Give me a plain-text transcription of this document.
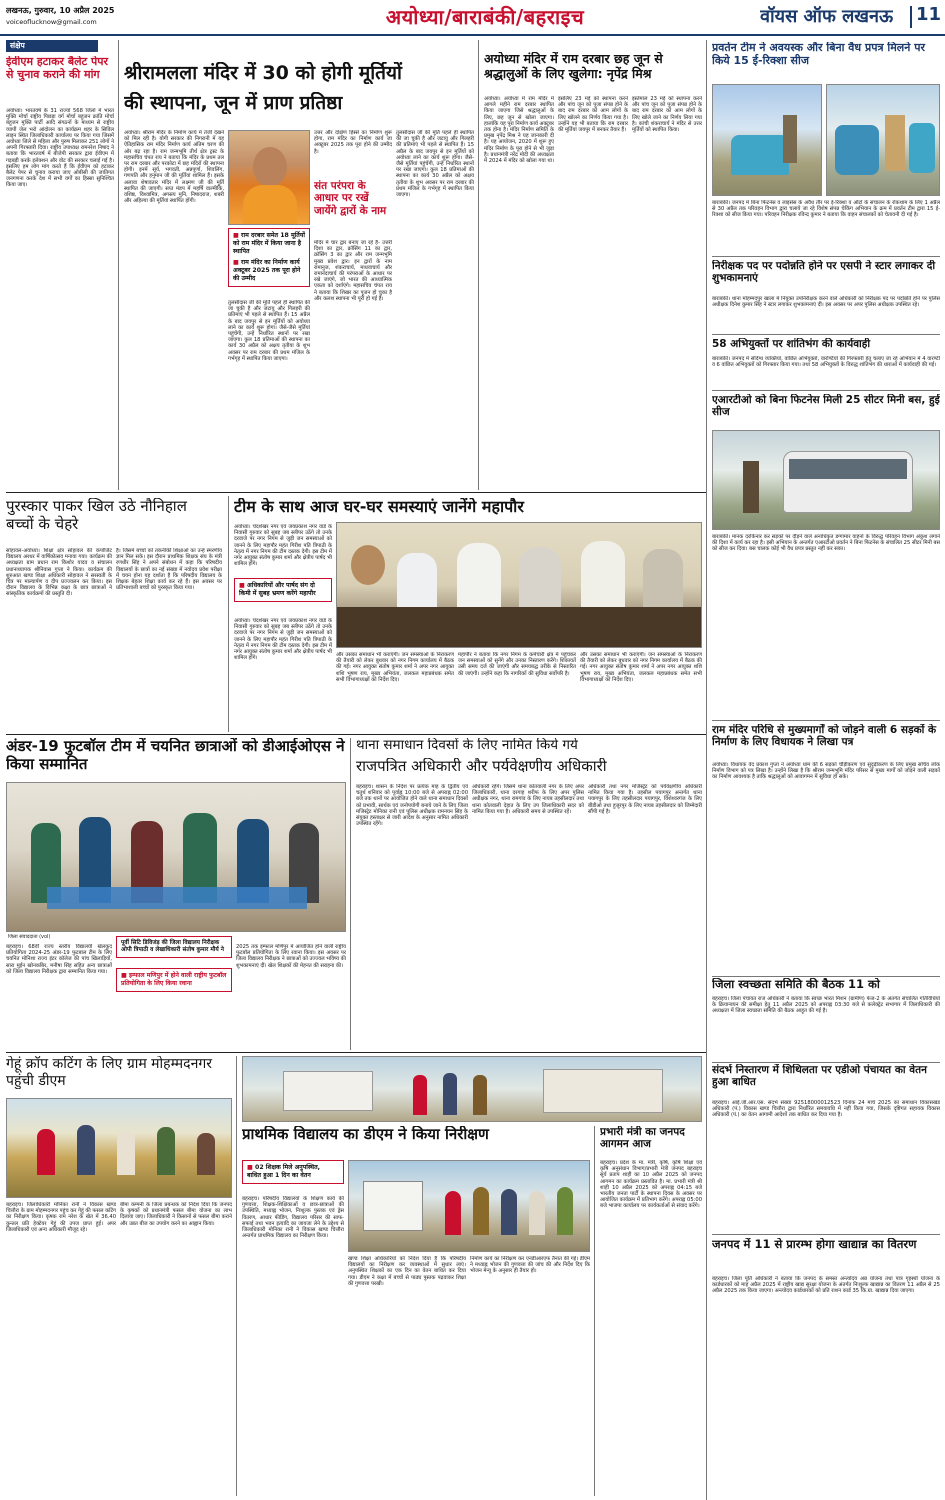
लखनऊ, गुरुवार, 10 अप्रैल 2025
voiceoflucknow@gmail.com	अयोध्या/बाराबंकी/बहराइच	वॉयस ऑफ लखनऊ 11
संक्षेप
ईवीएम हटाकर बैलेट पेपर से चुनाव कराने की मांग
अयोध्या। भारतवर्ष के 31 राज्यों 568 जिलों में भारत मुक्ति मोर्चा राष्ट्रीय पिछड़ा वर्ग मोर्चा बहुजन क्रांति मोर्चा बहुजन मुक्ति पार्टी आदि संगठनों के माध्यम से राष्ट्रीय व्यापी जेल भरो आंदोलन का कार्यक्रम शहर के सिविल लाइन स्थित जिलाधिकारी कार्यालय पर किया गया जिसमें अयोध्या जिले से महिला और पुरुष मिलाकर 251 लोगों ने अपनी गिरफ्तारी दिया। राष्ट्रीय उपाध्यक्ष रामनरेश निषाद ने बताया कि भारतवर्ष में बीजेपी सरकार द्वारा ईवीएम में गड़बड़ी करके इलेक्शन और वोट की सरकार चलाई गई है। इसलिए हम लोग मांग करते हैं कि ईवीएम को हटाकर बैलेट पेपर से चुनाव कराया जाए ओबीसी की जातिगत जनगणना करके देश में सभी वर्गों का हिस्सा सुनिश्चित किया जाए।
श्रीरामलला मंदिर में 30 को होगी मूर्तियों
की स्थापना, जून में प्राण प्रतिष्ठा
अयोध्या। श्रीराम मंदिर के निर्माण कार्य में तेजी देखने को मिल रही है। योगी सरकार की निगरानी में यह ऐतिहासिक राम मंदिर निर्माण कार्य अंतिम चरण की ओर बढ़ रहा है। राम जन्मभूमि तीर्थ क्षेत्र ट्रस्ट के महासचिव चंपत राय ने बताया कि मंदिर के प्रथम तल पर राम दरबार और परकोटा में छह मंदिरों की स्थापना होगी। इनमें सूर्य, भगवती, अन्नपूर्णा, शिवलिंग, गणपति और हनुमान जी की मूर्तियां शामिल हैं। इसके अलावा शेषावतार मंदिर में लक्ष्मण जी की मूर्ति स्थापित की जाएगी। सप्त मंडप में महर्षि वाल्मीकि, वशिष्ठ, विश्वामित्र, अगस्त्य मुनि, निषादराज, शबरी और अहिल्या की मूर्तियां स्थापित होंगी।
■ राम दरबार समेत 18 मूर्तियों को राम मंदिर में किया जाना है स्थापित
■ राम मंदिर का निर्माण कार्य अक्टूबर 2025 तक पूरा होने की उम्मीद
तुलसीदास जी की मूर्ति पहले ही स्थापित की जा चुकी है और जटायु और गिलहरी की प्रतिमाएं भी पहले से स्थापित हैं। 15 अप्रैल के बाद जयपुर से इन मूर्तियों को अयोध्या लाने का कार्य शुरू होगा। जैसे-जैसे मूर्तियां पहुंचेंगी, उन्हें निर्धारित स्थानों पर रखा जाएगा। कुल 18 प्रतिमाओं की स्थापना का कार्य 30 अप्रैल को अक्षय तृतीया के शुभ अवसर पर राम दरबार की प्रथम मंजिल के गर्भगृह में स्थापित किया जाएगा।
उत्तर और दक्षिण हिस्से का निर्माण शुरू होगा, राम मंदिर का निर्माण कार्य जा अक्टूबर 2025 तक पूरा होने की उम्मीद है।
संत परंपरा के आधार पर रखें जायेंगे द्वारों के नाम
मंदिर में चार द्वार बनाए जा रहे हैं- उत्तरी दिशा का द्वार, क्रॉसिंग 11 का द्वार, क्रॉसिंग 3 का द्वार और राम जन्मभूमि मुख्य प्रवेश द्वार। इन द्वारों के नाम रामानुज, शंकराचार्य, माधवाचार्य और रामानंदाचार्य की परंपराओं के आधार पर रखे जाएंगे, जो भारत की आध्यात्मिक एकता को दर्शाएंगे। महासचिव चंपत राय ने बताया कि शिखर का पूजन हो चुका है और कलश स्थापना भी पूरी हो गई है।
तुलसीदास जी की मूर्ति पहले ही स्थापित की जा चुकी है और जटायु और गिलहरी की प्रतिमाएं भी पहले से स्थापित हैं। 15 अप्रैल के बाद जयपुर से इन मूर्तियों को अयोध्या लाने का कार्य शुरू होगा। जैसे-जैसे मूर्तियां पहुंचेंगी, उन्हें निर्धारित स्थानों पर रखा जाएगा। कुल 18 प्रतिमाओं की स्थापना का कार्य 30 अप्रैल को अक्षय तृतीया के शुभ अवसर पर राम दरबार की प्रथम मंजिल के गर्भगृह में स्थापित किया जाएगा।
अयोध्या मंदिर में राम दरबार छह जून से श्रद्धालुओं के लिए खुलेगा: नृपेंद्र मिश्र
अयोध्या। अयोध्या में राम मंदिर में आगले महीने राम दरबार स्थापित किया जाएगा जिसे श्रद्धालुओं के लिए, छह जून से खोला जाएगा। हालांकि यह पूरा निर्माण कार्य अक्टूबर तक होना है। मंदिर निर्माण समिति के प्रमुख नृपेंद्र मिश्र ने यह जानकारी दी है। यह आयोजन, 2020 में शुरू हुए मंदिर निर्माण के पूरा होने से भी जुड़ा है। प्रधानमंत्री नरेंद्र मोदी की अध्यक्षता में 2024 में मंदिर को खोला गया था।
इसलिए 23 मई को स्थापना करने और पांच जून को पूजा संपन्न होने के बाद राम दरबार को आम लोगों के लिए खोलने का निर्णय किया गया है। उन्होंने यह भी बताया कि राम दरबार की मूर्तियां जयपुर में बनकर तैयार हैं।
इस्तेमाल 23 मई को स्थापना करने और पांच जून को पूजा संपन्न होने के बाद राम दरबार को आम लोगों के लिए खोले जाने का निर्णय लिया गया है। कांची शंकराचार्य ने मंदिर से उत्तर मूर्तियों को स्थापित किया।
प्रवर्तन टीम ने अवयस्क और बिना वैध प्रपत्र मिलने पर किये 15 ई-रिक्शा सीज
बाराबंकी। जनपद में बिना फिटनेस व लाइसेंस के अवैध तौर पर ई-रिक्शा व ऑटो के संचालन के रोकथाम के लिए 1 अप्रैल से 30 अप्रैल तक परिवहन विभाग द्वारा चलाये जा रहे विशेष संपन्न चेकिंग अभियान के क्रम में प्रवर्तन टीम द्वारा 15 ई-रिक्शा को सीज किया गया। परिवहन निरीक्षक रविन्द्र कुमार ने बताया कि वाहन संचालकों को चेतावनी दी गई है।
निरीक्षक पद पर पदोन्नति होने पर एसपी ने स्टार लगाकर दी शुभकामनाएं
बाराबंकी। थाना मोहम्मदपुर खाला में नियुक्त उपनिरीक्षक करने वाले अधिकारी को निरीक्षक पद पर पदोन्नति होने पर पुलिस अधीक्षक दिनेश कुमार सिंह ने स्टार लगाकर शुभकामनाएं दीं। इस अवसर पर अपर पुलिस अधीक्षक उपस्थित रहे।
58 अभियुक्तों पर शांतिभंग की कार्यवाही
बाराबंकी। जनपद में संदिग्ध व्यक्तियों, वांछित अभियुक्तों, वारण्टियों की गिरफ्तारी हेतु चलाए जा रहे अभियान में 4 वारण्टी व 6 वांछित अभियुक्तों को गिरफ्तार किया गया। तथा 58 अभियुक्तों के विरुद्ध शांतिभंग की धाराओं में कार्यवाही की गई।
एआरटीओ को बिना फिटनेस मिली 25 सीटर मिनी बस, हुई सीज
बाराबंकी। मानक दरकिनार कर सड़कों पर दौड़ने वाले अनाधिकृत डग्गामार वाहनों के विरुद्ध परिवहन विभाग अंकुश लगाने की दिशा में कार्य कर रहा है। इसी अभियान के अन्तर्गत एआरटीओ प्रवर्तन ने बिना फिटनेस के संचालित 25 सीटर मिनी बस को सीज कर दिया। बस चालक कोई भी वैध प्रपत्र प्रस्तुत नहीं कर सका।
राम मंदिर परिधि से मुख्यमार्गों को जोड़ने वाली 6 सड़कों के निर्माण के लिए विधायक ने लिखा पत्र
अयोध्या। विधायक वेद प्रकाश गुप्ता ने अयोध्या धाम की 6 सड़कों चौड़ीकरण एवं सुदृढ़ीकरण के लिए प्रमुख सचिव लोक निर्माण विभाग को पत्र लिखा है। उन्होंने लिखा है कि श्रीराम जन्मभूमि मंदिर परिसर से मुख्य मार्गों को जोड़ने वाली सड़कों का निर्माण आवश्यक है ताकि श्रद्धालुओं को आवागमन में सुविधा हो सके।
जिला स्वच्छता समिति की बैठक 11 को
बहराइच। जिला पंचायत राज अधिकारी ने बताया कि स्वच्छ भारत मिशन (ग्रामीण) फेज-2 के अंतर्गत संचालित गतिविधियों के क्रियान्वयन की समीक्षा हेतु 11 अप्रैल 2025 को अपराह्न 03:30 बजे से कलेक्ट्रेट सभागार में जिलाधिकारी की अध्यक्षता में जिला स्वच्छता समिति की बैठक आहूत की गई है।
संदर्भ निस्तारण में शिथिलता पर एडीओ पंचायत का वेतन हुआ बाधित
बहराइच। आई.जी.आर.एस. संदर्भ संख्या 92518000012523 दिनांक 24 मार्च 2025 का समाधान विकासखंड अधिकारी (पं.) विकास खण्ड चित्तौरा द्वारा निर्धारित समयावधि में नहीं किया गया, जिसके दृष्टिगत सहायक विकास अधिकारी (पं.) का वेतन आगामी आदेशों तक बाधित कर दिया गया है।
जनपद में 11 से प्रारम्भ होगा खाद्यान्न का वितरण
बहराइच। जिला पूर्ति अधिकारी ने बताया कि जनपद के समस्त अन्त्योदय अन्न योजना तथा पात्र गृहस्थी योजना के कार्डधारकों को माह अप्रैल 2025 में राष्ट्रीय खाद्य सुरक्षा योजना के अंतर्गत निःशुल्क खाद्यान्न का वितरण 11 अप्रैल से 25 अप्रैल 2025 तक किया जाएगा। अन्त्योदय कार्डधारकों को प्रति राशन कार्ड 35 कि.ग्रा. खाद्यान्न दिया जाएगा।
पुरस्कार पाकर खिल उठे नौनिहाल बच्चों के चेहरे
सोहावल-अयोध्या। शिक्षा क्षेत्र सोहावल की कंपोजिट विद्यालय अरथर में वार्षिकोत्सव मनाया गया। कार्यक्रम की अध्यक्षता ग्राम प्रधान राम किशोर यादव व संचालन प्रधानाध्यापक श्रीनिवास गुप्ता ने किया। कार्यक्रम की शुरुआत खण्ड शिक्षा अधिकारी सोहावल ने सरस्वती के चित्र पर माल्यार्पण व दीप प्रज्ज्वलन कर किया। इस दौरान विद्यालय के विभिन्न कक्षा के छात्र छात्राओं ने सांस्कृतिक कार्यक्रमों की प्रस्तुति दी।
है। जिसमें बच्चों को तकनीकी शिक्षाओं का उन्हें स्मरणीय ज्ञान मिल सके। इस दौरान प्राथमिक शिक्षक संघ के मंत्री रणधीर सिंह ने अपने संबोधन में कहा कि परिषदीय विद्यालयों के छात्रों का नई संख्या में नवोदय प्रवेश परीक्षा में चयन होना यह दर्शाता है कि परिषदीय विद्यालय के शिक्षक बेहतर शिक्षा कार्य कर रहे हैं। इस अवसर पर प्रतिभाशाली बच्चों को पुरस्कृत किया गया।
टीम के साथ आज घर-घर समस्याएं जानेंगे महापौर
■ अधिकारियों और पार्षद संग दो किमी में सुबह भ्रमण करेंगे महापौर
अयोध्या। चंदशेखर नगर एवं जयप्रकाश नगर वार्ड के निवासी गुरुवार को सुबह जब स्लीपर उठेंगे तो उनके दरवाजे पर नगर निगम से जुड़ी जन समस्याओं को जानने के लिए महापौर महंत गिरीश पति त्रिपाठी के नेतृत्व में नगर निगम की टीम दस्तक देगी। इस टीम में नगर आयुक्त संतोष कुमार शर्मा और क्षेत्रीय पार्षद भी शामिल होंगे।
अयोध्या। चंदशेखर नगर एवं जयप्रकाश नगर वार्ड के निवासी गुरुवार को सुबह जब स्लीपर उठेंगे तो उनके दरवाजे पर नगर निगम से जुड़ी जन समस्याओं को जानने के लिए महापौर महंत गिरीश पति त्रिपाठी के नेतृत्व में नगर निगम की टीम दस्तक देगी। इस टीम में नगर आयुक्त संतोष कुमार शर्मा और क्षेत्रीय पार्षद भी शामिल होंगे।
और उसका समाधान भी कराएंगी। जन समस्याओं के निराकरण की तैयारी को लेकर बुधवार को नगर निगम कार्यालय में बैठक की गई। नगर आयुक्त संतोष कुमार शर्मा ने अपर नगर आयुक्त शशि भूषण राय, मुख्य अभियंता, जलकल महाप्रबंधक समेत सभी विभागाध्यक्षों को निर्देश दिए।
महापौर ने बताया कि नगर निगम के कर्मचारी क्षेत्र में पहुंचकर जन समस्याओं को सुनेंगे और उनका निस्तारण करेंगे। शिकायतें उसी समय दर्ज की जाएंगी और समयबद्ध तरीके से निस्तारित की जाएंगी। उन्होंने कहा कि नागरिकों की सुविधा सर्वोपरि है।
और उसका समाधान भी कराएंगी। जन समस्याओं के निराकरण की तैयारी को लेकर बुधवार को नगर निगम कार्यालय में बैठक की गई। नगर आयुक्त संतोष कुमार शर्मा ने अपर नगर आयुक्त शशि भूषण राय, मुख्य अभियंता, जलकल महाप्रबंधक समेत सभी विभागाध्यक्षों को निर्देश दिए।
अंडर-19 फुटबॉल टीम में चयनित छात्राओं को डीआईओएस ने किया सम्मानित
जिला संवाददाता (vol)
बहराइच। 68वीं राज्य स्तरीय विद्यालयी खेलकूद प्रतियोगिता 2024-25 अंडर-19 फुटबाल टीम के लिए चयनित मोनिशा राज्य इंटर कॉलेज की पांच खिलाड़ियों, सारा मुईन खोनकबिर, मनीषा सिंह सहित अन्य छात्राओं को जिला विद्यालय निरीक्षक द्वारा सम्मानित किया गया।
पूर्वी सिटि डिविजंड़ की जिला विद्यालय निरीक्षक ओपी त्रिपाठी व लेखाधिकारी संतोष कुमार मौर्य ने
■ इम्फाल मणिपुर में होने वाली राष्ट्रीय फुटबॉल प्रतियोगिता के लिए किया रवाना
2025 तक इम्फाल मणिपुर में आयोजित होने वाली राष्ट्रीय फुटबॉल प्रतियोगिता के लिए रवाना किया। इस अवसर पर जिला विद्यालय निरीक्षक ने छात्राओं को उज्ज्वल भविष्य की शुभकामनाएं दीं। खेल शिक्षकों की मेहनत की सराहना की।
थाना समाधान दिवसों के लिए नामित किये गये
राजपत्रित अधिकारी और पर्यवेक्षणीय अधिकारी
बहराइच। शासन के निर्देश पर प्रत्येक माह के द्वितीय एवं चतुर्थ शनिवार को पूर्वाह्न 10:00 बजे से अपराह्न 02:00 बजे तक थानों पर आयोजित होने वाले थाना समाधान दिवसों को प्रभावी, सार्थक एवं जनोपयोगी बनाये जाने के लिए जिला मजिस्ट्रेट मोनिका रानी एवं पुलिस अधीक्षक रामनयन सिंह के संयुक्त हस्ताक्षर से जारी आदेश के अनुसार नामित अधिकारी उपस्थित रहेंगे।
अधिकारी रहेंगे। जिसमें थाना कोतवाली नगर के लिए अपर जिलाधिकारी, थाना दरगाह शरीफ के लिए अपर पुलिस अधीक्षक नगर, थाना रामगांव के लिए नायब तहसीलदार तथा थाना कोतवाली देहात के लिए उप जिलाधिकारी सदर को नामित किया गया है। अधिकारी समय से उपस्थित रहें।
अधिकारी तथा नगर मजिस्ट्रेट को पर्यवेक्षणीय अधिकारी नामित किया गया है। तहसील पयागपुर अन्तर्गत थाना पयागपुर के लिए तहसीलदार पयागपुर, विशेश्वरगंज के लिए बीडीओ तथा हुजूरपुर के लिए नायब तहसीलदार को जिम्मेदारी सौंपी गई है।
गेहूं क्रॉप कटिंग के लिए ग्राम मोहम्मदनगर पहुंची डीएम
बहराइच। जिलाधिकारी मोनिका रानी ने विकास खण्ड चित्तौरा के ग्राम मोहम्मदनगर पहुंच कर गेहूं की फसल कटिंग का निरीक्षण किया। कृषक राम नरेश के खेत में 36.40 कुन्तल प्रति हेक्टेयर गेहूं की उपज प्राप्त हुई। अपर जिलाधिकारी एवं अन्य अधिकारी मौजूद रहे।
बीमा कम्पनी के जिला प्रबन्धक को निर्देश दिया कि जनपद के कृषकों को प्रधानमंत्री फसल बीमा योजना का लाभ दिलाया जाए। जिलाधिकारी ने किसानों से फसल बीमा कराने और उन्नत बीज का उपयोग करने का आह्वान किया।
प्राथमिक विद्यालय का डीएम ने किया निरीक्षण
■ 02 शिक्षक मिले अनुपस्थित,
बाधित हुआ 1 दिन का वेतन
बहराइच। परिषदीय विद्यालयों के शिक्षण कार्य की गुणवत्ता, शिक्षक-शिक्षिकाओं व छात्र-छात्राओं की उपस्थिति, मध्याह्न भोजन, निःशुल्क पुस्तक एवं ड्रेस वितरण, आधार फीडिंग, विद्यालय परिसर की साफ-सफाई तथा भवन इत्यादि का जायजा लेने के उद्देश्य से जिलाधिकारी मोनिका रानी ने विकास खण्ड चित्तौरा अन्तर्गत प्राथमिक विद्यालय का निरीक्षण किया।
खण्ड शिक्षा अधिकारियों को निर्देश दिया है कि परिषदीय विद्यालयों का निरीक्षण कर व्यवस्थाओं में सुधार लाएं। अनुपस्थित शिक्षकों का एक दिन का वेतन बाधित कर दिया गया। डीएम ने कक्षा में बच्चों से पाठ्य पुस्तक पढ़वाकर शिक्षा की गुणवत्ता परखी।
निर्माण कार्य का निरीक्षण कर एनडीआरएफ तैनात की गई। डीएम ने मध्याह्न भोजन की गुणवत्ता की जांच की और निर्देश दिए कि भोजन मेन्यू के अनुसार ही तैयार हो।
प्रभारी मंत्री का जनपद आगमन आज
बहराइच। प्रदेश के मा. मंत्री, कृषि, कृषि शिक्षा एवं कृषि अनुसंधान विभाग/प्रभारी मंत्री जनपद बहराइच सूर्य प्रताप शाही का 10 अप्रैल 2025 को जनपद आगमन का कार्यक्रम प्रस्तावित है। मा. प्रभारी मंत्री श्री शाही 10 अप्रैल 2025 को अपराह्न 04:15 बजे भारतीय जनता पार्टी के स्थापना दिवस के अवसर पर आयोजित कार्यक्रम में प्रतिभाग करेंगे। अपराह्न 05:00 बजे भाजपा कार्यालय पर कार्यकर्ताओं से संवाद करेंगे।
